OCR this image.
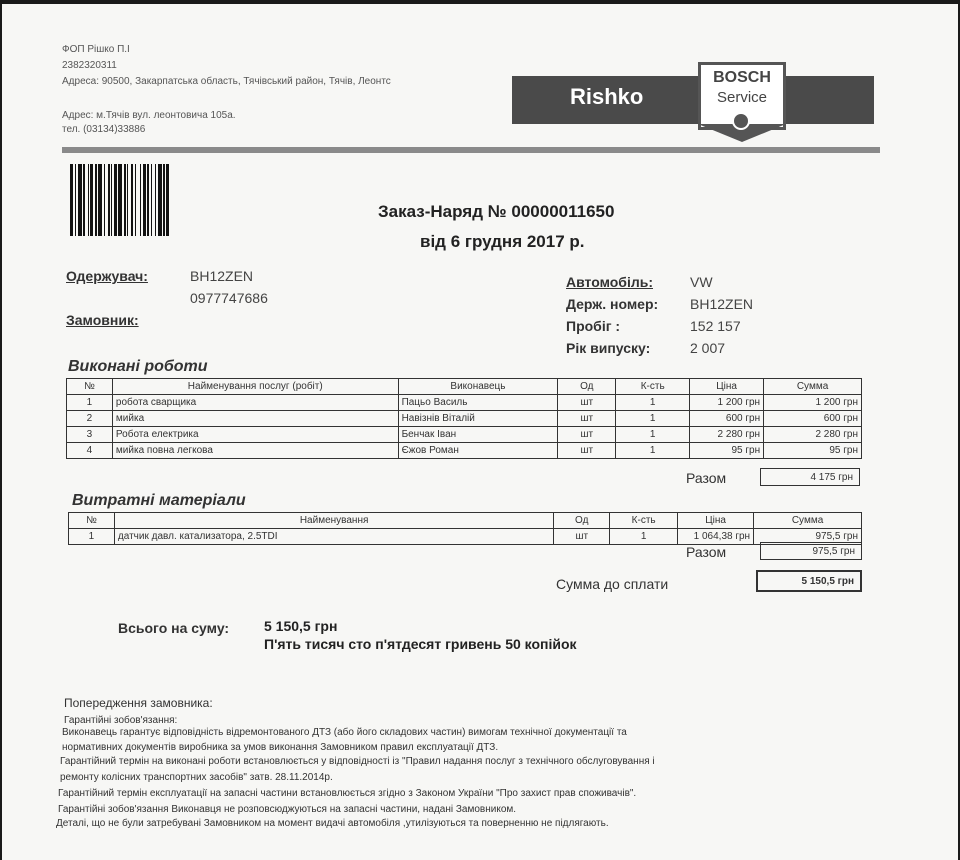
ФОП Рішко П.І
2382320311
Адреса: 90500, Закарпатська область, Тячівський район, Тячів, Леонтс
Адрес: м.Тячів вул. леонтовича 105а.
тел. (03134)33886
Rishko
BOSCH
Service
Заказ-Наряд № 00000011650
від 6 грудня 2017 р.
Одержувач:	BH12ZEN
0977747686
Замовник:
Автомобіль:	VW
Держ. номер: BH12ZEN
Пробіг :	152 157
Рік випуску:	2 007
Виконані роботи
№	Найменування послуг (робіт)	Виконавець	Од	К-сть	Ціна	Сумма
1	робота сварщика	Пацьо Василь	шт	1	1 200 грн	1 200 грн
2	мийка	Навізнів Віталій	шт	1	600 грн	600 грн
3	Робота електрика	Бенчак Іван	шт	1	2 280 грн	2 280 грн
4	мийка повна легкова	Єжов Роман	шт	1	95 грн	95 грн
Разом	4 175 грн
Витратні матеріали
№	Найменування	Од	К-сть	Ціна	Сумма
1	датчик давл. катализатора, 2.5TDI	шт	1	1 064,38 грн	975,5 грн
Разом	975,5 грн
Сумма до сплати	5 150,5 грн
Всього на суму: 5 150,5 грн
П'ять тисяч сто п'ятдесят гривень 50 копійок
Попередження замовника:
Гарантійні зобов'язання:
Виконавець гарантує відповідність відремонтованого ДТЗ (або його складових частин) вимогам технічної документації та
нормативних документів виробника за умов виконання Замовником правил експлуатації ДТЗ.
Гарантійний термін на виконані роботи встановлюється у відповідності із "Правил надання послуг з технічного обслуговування і
ремонту колісних транспортних засобів" затв. 28.11.2014р.
Гарантійний термін експлуатації на запасні частини встановлюється згідно з Законом України "Про захист прав споживачів".
Гарантійні зобов'язання Виконавця не розповсюджуються на запасні частини, надані Замовником.
Деталі, що не були затребувані Замовником на момент видачі автомобіля ,утилізуються та поверненню не підлягають.
